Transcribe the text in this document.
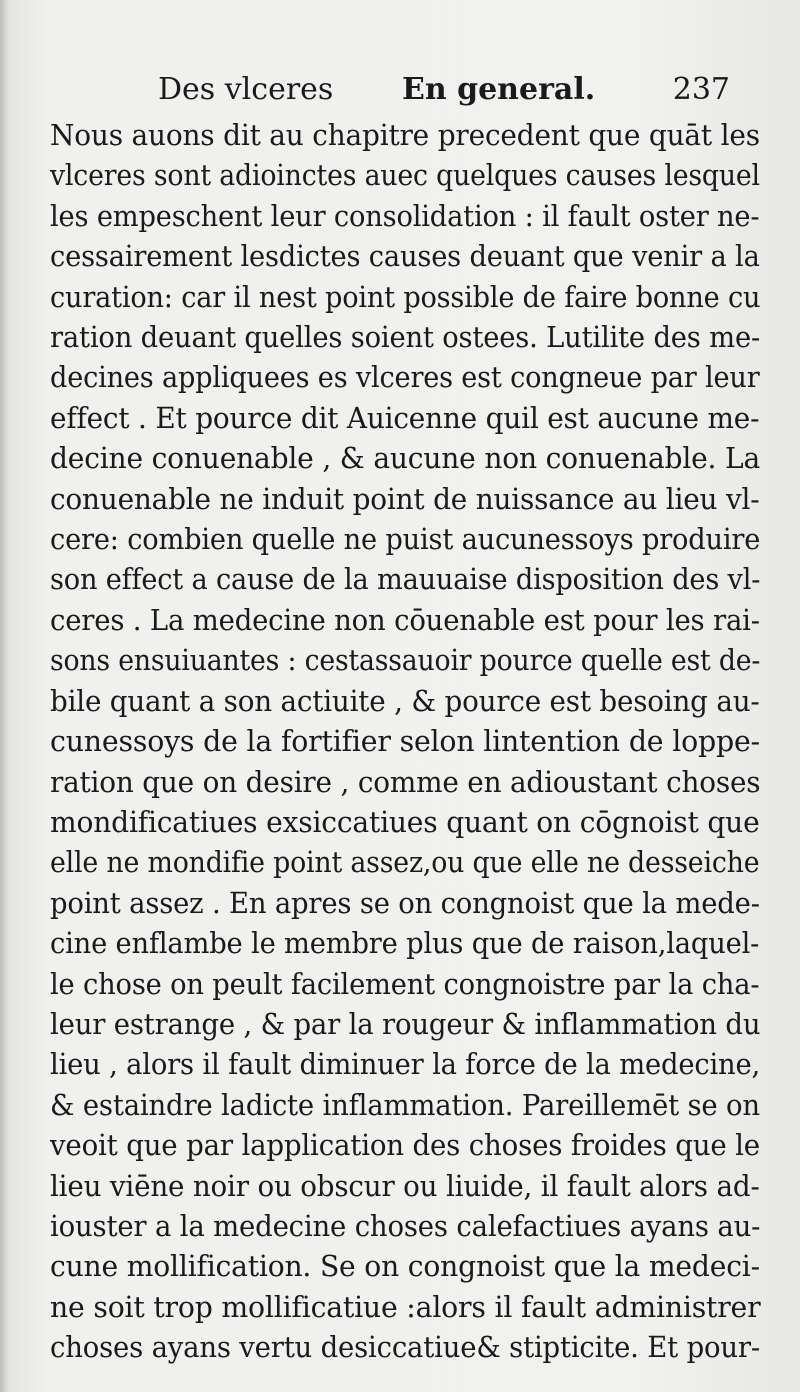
Des vlceres En general.	237
Nous auons dit au chapitre precedent que quāt les
vlceres sont adioinctes auec quelques causes lesquel
les empeschent leur consolidation : il fault oster ne-
cessairement lesdictes causes deuant que venir a la
curation: car il nest point possible de faire bonne cu
ration deuant quelles soient ostees. Lutilite des me-
decines appliquees es vlceres est congneue par leur
effect . Et pource dit Auicenne quil est aucune me-
decine conuenable , & aucune non conuenable. La
conuenable ne induit point de nuissance au lieu vl-
cere: combien quelle ne puist aucunessoys produire
son effect a cause de la mauuaise disposition des vl-
ceres . La medecine non cōuenable est pour les rai-
sons ensuiuantes : cestassauoir pource quelle est de-
bile quant a son actiuite , & pource est besoing au-
cunessoys de la fortifier selon lintention de loppe-
ration que on desire , comme en adioustant choses
mondificatiues exsiccatiues quant on cōgnoist que
elle ne mondifie point assez,ou que elle ne desseiche
point assez . En apres se on congnoist que la mede-
cine enflambe le membre plus que de raison,laquel-
le chose on peult facilement congnoistre par la cha-
leur estrange , & par la rougeur & inflammation du
lieu , alors il fault diminuer la force de la medecine,
& estaindre ladicte inflammation. Pareillemēt se on
veoit que par lapplication des choses froides que le
lieu viēne noir ou obscur ou liuide, il fault alors ad-
iouster a la medecine choses calefactiues ayans au-
cune mollification. Se on congnoist que la medeci-
ne soit trop mollificatiue :alors il fault administrer
choses ayans vertu desiccatiue& stipticite. Et pour-
